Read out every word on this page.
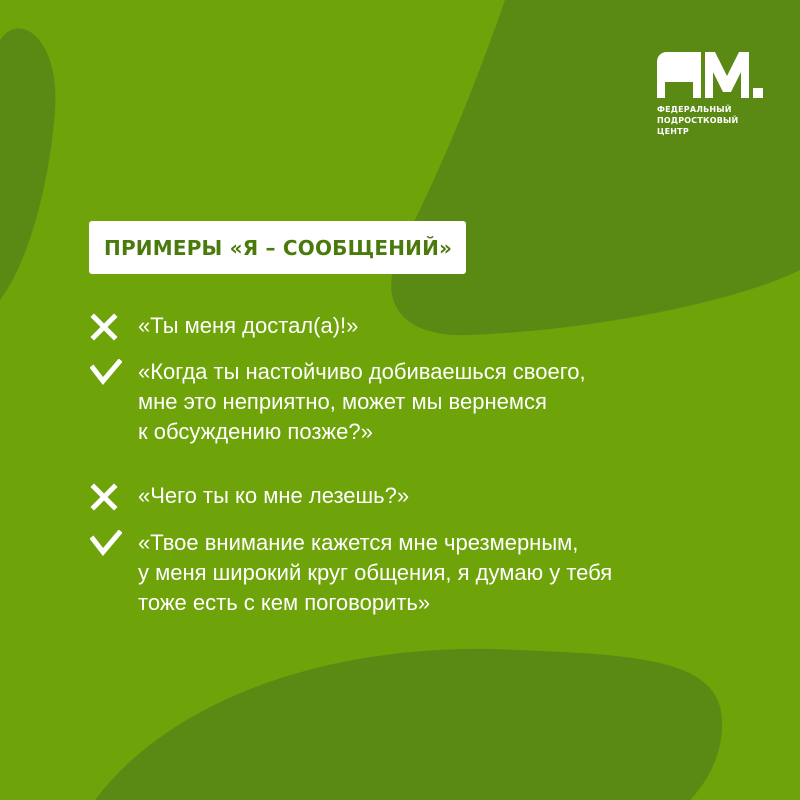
ФЕДЕРАЛЬНЫЙ
ПОДРОСТКОВЫЙ
ЦЕНТР
ПРИМЕРЫ «Я – СООБЩЕНИЙ»
«Ты меня достал(а)!»
«Когда ты настойчиво добиваешься своего,
мне это неприятно, может мы вернемся
к обсуждению позже?»
«Чего ты ко мне лезешь?»
«Твое внимание кажется мне чрезмерным,
у меня широкий круг общения, я думаю у тебя
тоже есть с кем поговорить»
